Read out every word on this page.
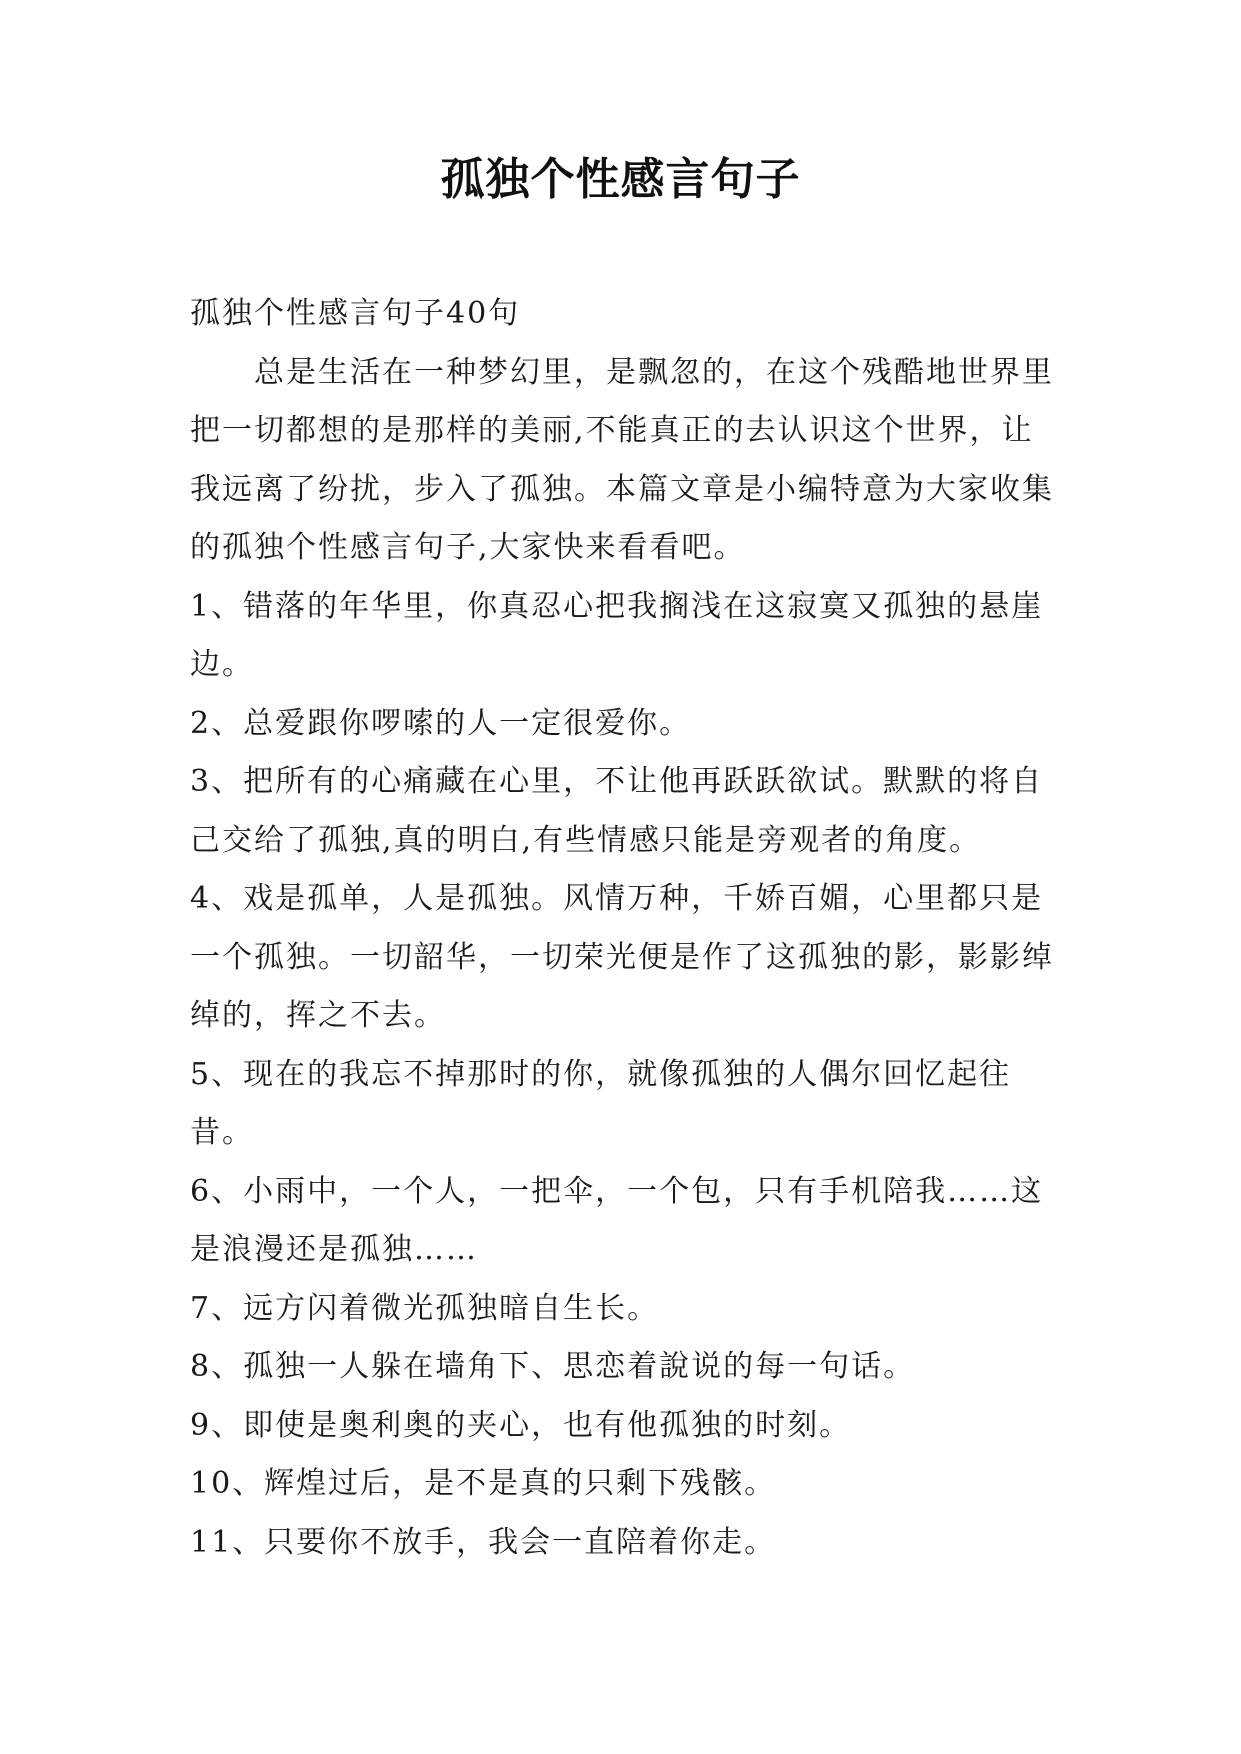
孤独个性感言句子

孤独个性感言句子40句

总是生活在一种梦幻里，是飘忽的，在这个残酷地世界里把一切都想的是那样的美丽,不能真正的去认识这个世界，让我远离了纷扰，步入了孤独。本篇文章是小编特意为大家收集的孤独个性感言句子,大家快来看看吧。

1、错落的年华里，你真忍心把我搁浅在这寂寞又孤独的悬崖边。

2、总爱跟你啰嗦的人一定很爱你。

3、把所有的心痛藏在心里，不让他再跃跃欲试。默默的将自己交给了孤独,真的明白,有些情感只能是旁观者的角度。

4、戏是孤单，人是孤独。风情万种，千娇百媚，心里都只是一个孤独。一切韶华，一切荣光便是作了这孤独的影，影影绰绰的，挥之不去。

5、现在的我忘不掉那时的你，就像孤独的人偶尔回忆起往昔。

6、小雨中，一个人，一把伞，一个包，只有手机陪我……这是浪漫还是孤独……

7、远方闪着微光孤独暗自生长。

8、孤独一人躲在墙角下、思恋着說说的每一句话。

9、即使是奥利奥的夹心，也有他孤独的时刻。

10、辉煌过后，是不是真的只剩下残骸。

11、只要你不放手，我会一直陪着你走。
